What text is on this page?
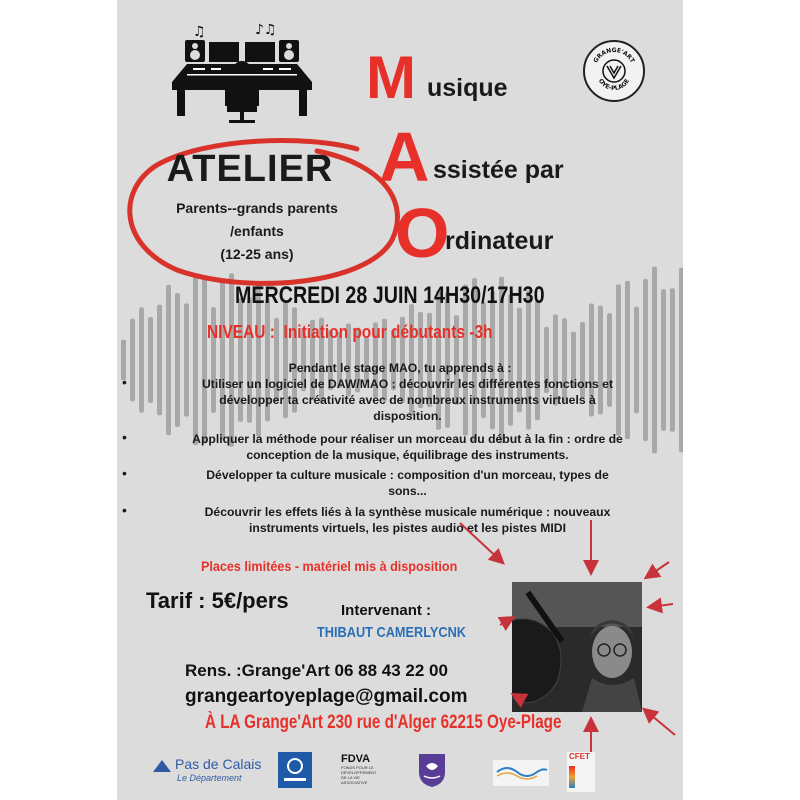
♫	♪♫
M
A
O
usique
ssistée par
rdinateur
GRANGE'ART
OYE-PLAGE
ATELIER
Parents--grands parents
/enfants
(12-25 ans)
MERCREDI 28 JUIN 14H30/17H30
NIVEAU :  Initiation pour débutants -3h
Pendant le stage MAO, tu apprends à :
•	Utiliser un logiciel de DAW/MAO : découvrir les différentes fonctions et
développer ta créativité avec de nombreux instruments virtuels à
disposition.
•	Appliquer la méthode pour réaliser un morceau du début à la fin : ordre de
conception de la musique, équilibrage des instruments.
•	Développer ta culture musicale : composition d'un morceau, types de
sons...
•	Découvrir les effets liés à la synthèse musicale numérique : nouveaux
instruments virtuels, les pistes audio et les pistes MIDI
Places limitées - matériel mis à disposition
Tarif : 5€/pers	Intervenant :
THIBAUT CAMERLYCNK
Rens. :Grange'Art 06 88 43 22 00
grangeartoyeplage@gmail.com
À LA Grange'Art 230 rue d'Alger 62215 Oye-Plage
Pas de Calais
Le Département
FDVA
FONDS POUR LE
DÉVELOPPEMENT
DE LA VIE
ASSOCIATIVE
CFET
